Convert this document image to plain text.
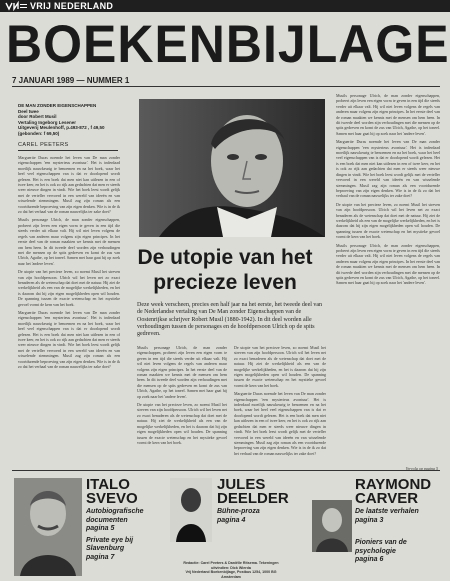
VRIJ NEDERLAND
BOEKENBIJLAGE
7 JANUARI 1989 — NUMMER 1
DE MAN ZONDER EIGENSCHAPPEN
Deel twee
door Robert Musil
Vertaling Ingeborg Lesener
Uitgeverij Meulenhoff, p.493-872 , f 49,50
(gebonden: f 69,50)
CAREL PEETERS

Marguerite Duras noemde het leven van De man zonder eigenschappen 'een mysterieus avontuur'. Het is inderdaad moeilijk nauwkeurig te benoemen en na het boek, waar het heel veel eigenschappen van is dat er doorlopend wordt gelezen. Het is een boek dat men niet kan uitlezen in een of twee keer, en het is ook zo rijk aan gedachten dat men er steeds weer nieuwe dingen in vindt. Wie het boek leest wordt gelijk met de verteller vervoerd in een wereld van ideeën en van wisselende stemmingen. Musil zag zijn roman als een voortdurende beproeving van zijn eigen denken. Wie is in de ik zo dat het verhaal van de roman nauwelijks ter zake doet?

Musils personage Ulrich, de man zonder eigenschappen, probeert zijn leven een eigen vorm te geven in een tijd die steeds verder uit elkaar valt. Hij wil niet leven volgens de regels van anderen maar volgens zijn eigen principes. In het eerste deel van de roman maakten we kennis met de mensen om hem heen. In dit tweede deel worden zijn verhoudingen met die mensen op de spits gedreven en komt de zus van Ulrich, Agathe, op het toneel. Samen met haar gaat hij op zoek naar het 'andere leven'.

De utopie van het precieze leven, zo noemt Musil het streven van zijn hoofdpersoon. Ulrich wil het leven net zo exact benaderen als de wetenschap dat doet met de natuur. Hij ziet de werkelijkheid als een van de mogelijke werkelijkheden, en het is daarom dat hij zijn eigen mogelijkheden open wil houden. De spanning tussen de exacte wetenschap en het mystieke gevoel vormt de kern van het boek.

Marguerite Duras noemde het leven van De man zonder eigenschappen 'een mysterieus avontuur'. Het is inderdaad moeilijk nauwkeurig te benoemen en na het boek, waar het heel veel eigenschappen van is dat er doorlopend wordt gelezen. Het is een boek dat men niet kan uitlezen in een of twee keer, en het is ook zo rijk aan gedachten dat men er steeds weer nieuwe dingen in vindt. Wie het boek leest wordt gelijk met de verteller vervoerd in een wereld van ideeën en van wisselende stemmingen. Musil zag zijn roman als een voortdurende beproeving van zijn eigen denken. Wie is in de ik zo dat het verhaal van de roman nauwelijks ter zake doet?

De utopie van het
precieze leven
Deze week verscheen, precies een half jaar na het eerste, het tweede deel van de Nederlandse vertaling van De Man zonder Eigenschappen van de Oostenrijkse schrijver Robert Musil (1880-1942). In dit deel worden alle verhoudingen tussen de personages en de hoofdpersoon Ulrich op de spits gedreven.

Musils personage Ulrich, de man zonder eigenschappen, probeert zijn leven een eigen vorm te geven in een tijd die steeds verder uit elkaar valt. Hij wil niet leven volgens de regels van anderen maar volgens zijn eigen principes. In het eerste deel van de roman maakten we kennis met de mensen om hem heen. In dit tweede deel worden zijn verhoudingen met die mensen op de spits gedreven en komt de zus van Ulrich, Agathe, op het toneel. Samen met haar gaat hij op zoek naar het 'andere leven'.

De utopie van het precieze leven, zo noemt Musil het streven van zijn hoofdpersoon. Ulrich wil het leven net zo exact benaderen als de wetenschap dat doet met de natuur. Hij ziet de werkelijkheid als een van de mogelijke werkelijkheden, en het is daarom dat hij zijn eigen mogelijkheden open wil houden. De spanning tussen de exacte wetenschap en het mystieke gevoel vormt de kern van het boek.

De utopie van het precieze leven, zo noemt Musil het streven van zijn hoofdpersoon. Ulrich wil het leven net zo exact benaderen als de wetenschap dat doet met de natuur. Hij ziet de werkelijkheid als een van de mogelijke werkelijkheden, en het is daarom dat hij zijn eigen mogelijkheden open wil houden. De spanning tussen de exacte wetenschap en het mystieke gevoel vormt de kern van het boek.

Marguerite Duras noemde het leven van De man zonder eigenschappen 'een mysterieus avontuur'. Het is inderdaad moeilijk nauwkeurig te benoemen en na het boek, waar het heel veel eigenschappen van is dat er doorlopend wordt gelezen. Het is een boek dat men niet kan uitlezen in een of twee keer, en het is ook zo rijk aan gedachten dat men er steeds weer nieuwe dingen in vindt. Wie het boek leest wordt gelijk met de verteller vervoerd in een wereld van ideeën en van wisselende stemmingen. Musil zag zijn roman als een voortdurende beproeving van zijn eigen denken. Wie is in de ik zo dat het verhaal van de roman nauwelijks ter zake doet?

Musils personage Ulrich, de man zonder eigenschappen, probeert zijn leven een eigen vorm te geven in een tijd die steeds verder uit elkaar valt. Hij wil niet leven volgens de regels van anderen maar volgens zijn eigen principes. In het eerste deel van de roman maakten we kennis met de mensen om hem heen. In dit tweede deel worden zijn verhoudingen met die mensen op de spits gedreven en komt de zus van Ulrich, Agathe, op het toneel. Samen met haar gaat hij op zoek naar het 'andere leven'.

Marguerite Duras noemde het leven van De man zonder eigenschappen 'een mysterieus avontuur'. Het is inderdaad moeilijk nauwkeurig te benoemen en na het boek, waar het heel veel eigenschappen van is dat er doorlopend wordt gelezen. Het is een boek dat men niet kan uitlezen in een of twee keer, en het is ook zo rijk aan gedachten dat men er steeds weer nieuwe dingen in vindt. Wie het boek leest wordt gelijk met de verteller vervoerd in een wereld van ideeën en van wisselende stemmingen. Musil zag zijn roman als een voortdurende beproeving van zijn eigen denken. Wie is in de ik zo dat het verhaal van de roman nauwelijks ter zake doet?

De utopie van het precieze leven, zo noemt Musil het streven van zijn hoofdpersoon. Ulrich wil het leven net zo exact benaderen als de wetenschap dat doet met de natuur. Hij ziet de werkelijkheid als een van de mogelijke werkelijkheden, en het is daarom dat hij zijn eigen mogelijkheden open wil houden. De spanning tussen de exacte wetenschap en het mystieke gevoel vormt de kern van het boek.

Musils personage Ulrich, de man zonder eigenschappen, probeert zijn leven een eigen vorm te geven in een tijd die steeds verder uit elkaar valt. Hij wil niet leven volgens de regels van anderen maar volgens zijn eigen principes. In het eerste deel van de roman maakten we kennis met de mensen om hem heen. In dit tweede deel worden zijn verhoudingen met die mensen op de spits gedreven en komt de zus van Ulrich, Agathe, op het toneel. Samen met haar gaat hij op zoek naar het 'andere leven'.

Vervolg op pagina 5
ITALO
SVEVO
Autobiografische
documenten
pagina 5
Private eye bij
Slavenburg
pagina 7
JULES
DEELDER
Bühne-proza
pagina 4
RAYMOND
CARVER
De laatste verhalen
pagina 3
Pioniers van de
psychologie
pagina 6
Redactie: Carel Peeters & Daniëlle Ritsema. Tekeningen
uitvindien: Dick Wierda
Vrij Nederland Boekenbijlage, Postbus 1254, 1000 BG
Amsterdam
